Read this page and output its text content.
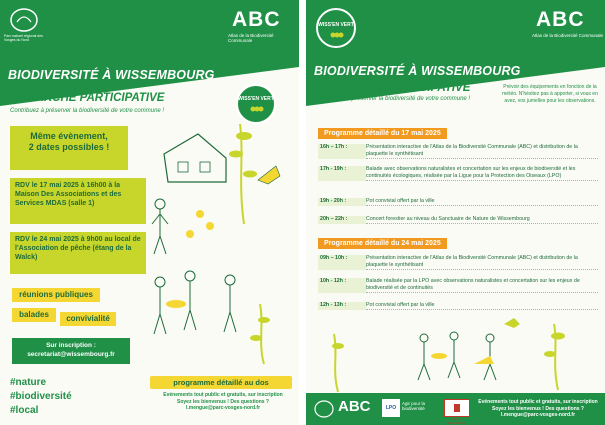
Parc naturel régional des Vosges du Nord
ABC
Atlas de la Biodiversité Communale
BIODIVERSITÉ À WISSEMBOURG
DEMARCHE PARTICIPATIVE
Contribuez à préserver la biodiversité de votre commune !
WISS'EN VERT
Même évènement,
2 dates possibles !
RDV le 17 mai 2025 à 16h00 à la Maison Des Associations et des Services MDAS (salle 1)
RDV le 24 mai 2025 à 9h00 au local de l'Association de pêche (étang de la Walck)
réunions publiques
balades	convivialité
Sur inscription :
secretariat@wissembourg.fr
#nature
#biodiversité
#local
programme détaillé au dos
Evénements tout public et gratuits, sur inscription
Soyez les bienvenus ! Des questions ?
l.mengue@parc-vosges-nord.fr
WISS'EN VERT	ABC
Atlas de la Biodiversité Communale
BIODIVERSITÉ À WISSEMBOURG
DEMARCHE PARTICIPATIVE
Contribuez à préserver la biodiversité de votre commune !
Prévoir des équipements en fonction de la météo. N'hésitez pas à apporter, si vous en avez, vos jumelles pour les observations.
Programme détaillé du 17 mai 2025
16h – 17h :	Présentation interactive de l'Atlas de la Biodiversité Communale (ABC) et distribution de la plaquette le synthétisant
17h - 19h :	Balade avec observations naturalistes et concertation sur les enjeux de biodiversité et les continuités écologiques, réalisée par la Ligue pour la Protection des Oiseaux (LPO)
19h - 20h :	Pot convivial offert par la ville
20h – 22h :	Concert forestier au niveau du Sanctuaire de Nature de Wissembourg
Programme détaillé du 24 mai 2025
09h – 10h :	Présentation interactive de l'Atlas de la Biodiversité Communale (ABC) et distribution de la plaquette le synthétisant
10h - 12h :	Balade réalisée par la LPO avec observations naturalistes et concertation sur les enjeux de biodiversité et de continuités
12h - 13h :	Pot convivial offert par la ville
ABC	LPO
Agir pour la biodiversité
Ville de Wissembourg
Evénements tout public et gratuits, sur inscription
Soyez les bienvenus ! Des questions ?
l.mengue@parc-vosges-nord.fr
